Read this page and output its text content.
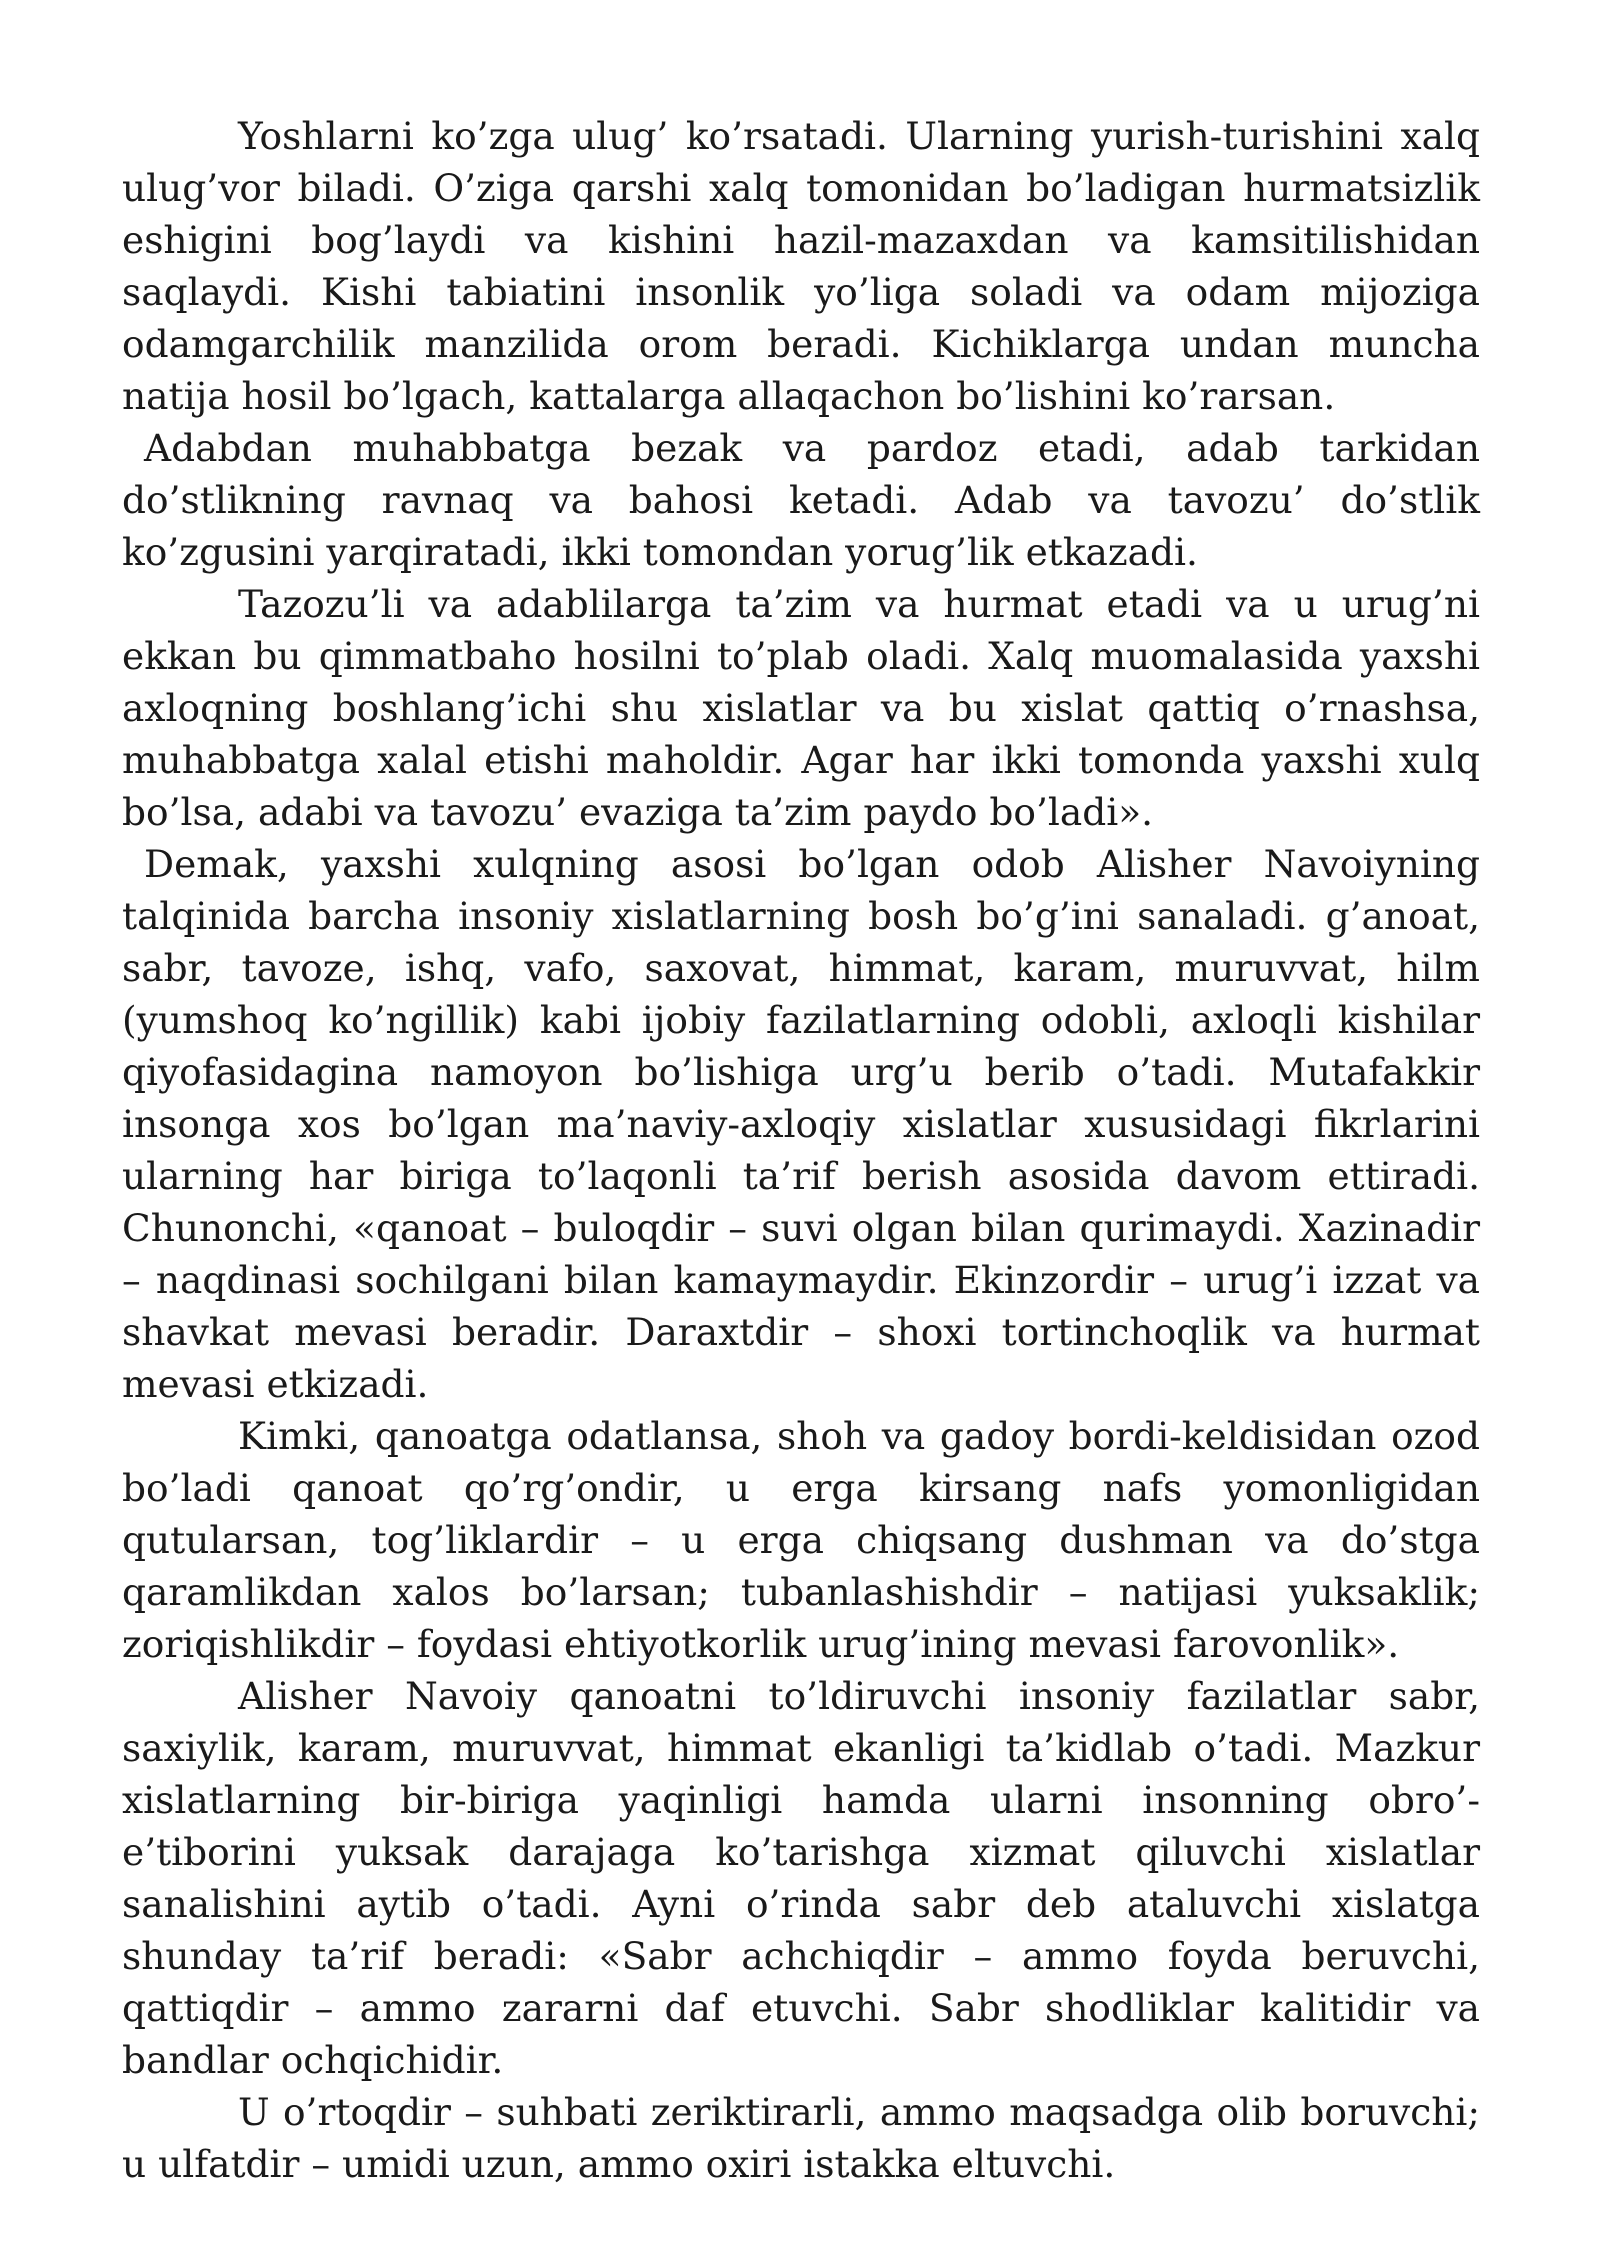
Yoshlarni ko’zga ulug’ ko’rsatadi. Ularning yurish-turishini xalq ulug’vor biladi. O’ziga qarshi xalq tomonidan bo’ladigan hurmatsizlik eshigini bog’laydi va kishini hazil-mazaxdan va kamsitilishidan saqlaydi. Kishi tabiatini insonlik yo’liga soladi va odam mijoziga odamgarchilik manzilida orom beradi. Kichiklarga undan muncha natija hosil bo’lgach, kattalarga allaqachon bo’lishini ko’rarsan.

Adabdan muhabbatga bezak va pardoz etadi, adab tarkidan do’stlikning ravnaq va bahosi ketadi. Adab va tavozu’ do’stlik ko’zgusini yarqiratadi, ikki tomondan yorug’lik etkazadi.

Tazozu’li va adablilarga ta’zim va hurmat etadi va u urug’ni ekkan bu qimmatbaho hosilni to’plab oladi. Xalq muomalasida yaxshi axloqning boshlang’ichi shu xislatlar va bu xislat qattiq o’rnashsa, muhabbatga xalal etishi maholdir. Agar har ikki tomonda yaxshi xulq bo’lsa, adabi va tavozu’ evaziga ta’zim paydo bo’ladi».

Demak, yaxshi xulqning asosi bo’lgan odob Alisher Navoiyning talqinida barcha insoniy xislatlarning bosh bo’g’ini sanaladi. g’anoat, sabr, tavoze, ishq, vafo, saxovat, himmat, karam, muruvvat, hilm (yumshoq ko’ngillik) kabi ijobiy fazilatlarning odobli, axloqli kishilar qiyofasidagina namoyon bo’lishiga urg’u berib o’tadi. Mutafakkir insonga xos bo’lgan ma’naviy-axloqiy xislatlar xususidagi fikrlarini ularning har biriga to’laqonli ta’rif berish asosida davom ettiradi. Chunonchi, «qanoat – buloqdir – suvi olgan bilan qurimaydi. Xazinadir – naqdinasi sochilgani bilan kamaymaydir. Ekinzordir – urug’i izzat va shavkat mevasi beradir. Daraxtdir – shoxi tortinchoqlik va hurmat mevasi etkizadi.

Kimki, qanoatga odatlansa, shoh va gadoy bordi-keldisidan ozod bo’ladi qanoat qo’rg’ondir, u erga kirsang nafs yomonligidan qutularsan, tog’liklardir – u erga chiqsang dushman va do’stga qaramlikdan xalos bo’larsan; tubanlashishdir – natijasi yuksaklik; zoriqishlikdir – foydasi ehtiyotkorlik urug’ining mevasi farovonlik».

Alisher Navoiy qanoatni to’ldiruvchi insoniy fazilatlar sabr, saxiylik, karam, muruvvat, himmat ekanligi ta’kidlab o’tadi. Mazkur xislatlarning bir-biriga yaqinligi hamda ularni insonning obro’-e’tiborini yuksak darajaga ko’tarishga xizmat qiluvchi xislatlar sanalishini aytib o’tadi. Ayni o’rinda sabr deb ataluvchi xislatga shunday ta’rif beradi: «Sabr achchiqdir – ammo foyda beruvchi, qattiqdir – ammo zararni daf etuvchi. Sabr shodliklar kalitidir va bandlar ochqichidir.

U o’rtoqdir – suhbati zeriktirarli, ammo maqsadga olib boruvchi; u ulfatdir – umidi uzun, ammo oxiri istakka eltuvchi.
